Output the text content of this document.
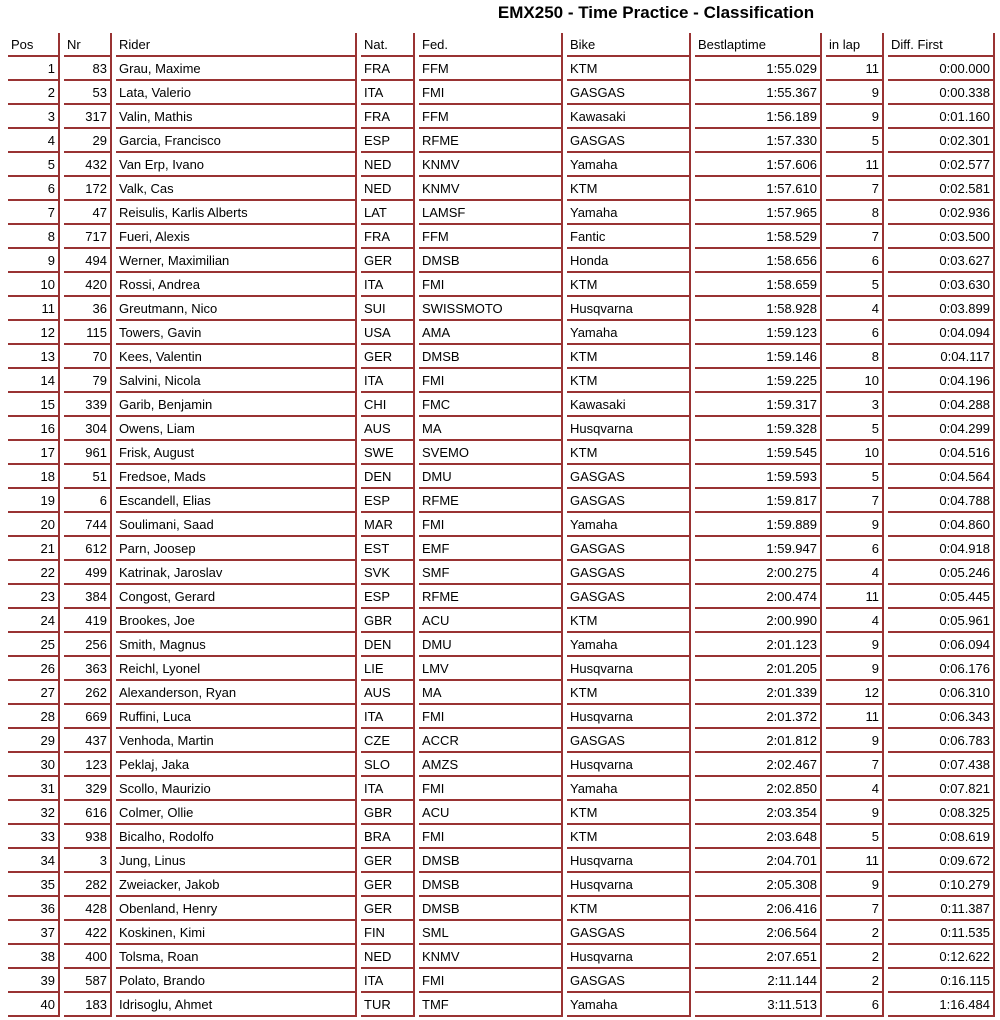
EMX250 - Time Practice - Classification
Pos	Nr	Rider	Nat.	Fed.	Bike	Bestlaptime	in lap	Diff. First
1	83	Grau, Maxime	FRA	FFM	KTM	1:55.029	11	0:00.000
2	53	Lata, Valerio	ITA	FMI	GASGAS	1:55.367	9	0:00.338
3	317	Valin, Mathis	FRA	FFM	Kawasaki	1:56.189	9	0:01.160
4	29	Garcia, Francisco	ESP	RFME	GASGAS	1:57.330	5	0:02.301
5	432	Van Erp, Ivano	NED	KNMV	Yamaha	1:57.606	11	0:02.577
6	172	Valk, Cas	NED	KNMV	KTM	1:57.610	7	0:02.581
7	47	Reisulis, Karlis Alberts	LAT	LAMSF	Yamaha	1:57.965	8	0:02.936
8	717	Fueri, Alexis	FRA	FFM	Fantic	1:58.529	7	0:03.500
9	494	Werner, Maximilian	GER	DMSB	Honda	1:58.656	6	0:03.627
10	420	Rossi, Andrea	ITA	FMI	KTM	1:58.659	5	0:03.630
11	36	Greutmann, Nico	SUI	SWISSMOTO	Husqvarna	1:58.928	4	0:03.899
12	115	Towers, Gavin	USA	AMA	Yamaha	1:59.123	6	0:04.094
13	70	Kees, Valentin	GER	DMSB	KTM	1:59.146	8	0:04.117
14	79	Salvini, Nicola	ITA	FMI	KTM	1:59.225	10	0:04.196
15	339	Garib, Benjamin	CHI	FMC	Kawasaki	1:59.317	3	0:04.288
16	304	Owens, Liam	AUS	MA	Husqvarna	1:59.328	5	0:04.299
17	961	Frisk, August	SWE	SVEMO	KTM	1:59.545	10	0:04.516
18	51	Fredsoe, Mads	DEN	DMU	GASGAS	1:59.593	5	0:04.564
19	6	Escandell, Elias	ESP	RFME	GASGAS	1:59.817	7	0:04.788
20	744	Soulimani, Saad	MAR	FMI	Yamaha	1:59.889	9	0:04.860
21	612	Parn, Joosep	EST	EMF	GASGAS	1:59.947	6	0:04.918
22	499	Katrinak, Jaroslav	SVK	SMF	GASGAS	2:00.275	4	0:05.246
23	384	Congost, Gerard	ESP	RFME	GASGAS	2:00.474	11	0:05.445
24	419	Brookes, Joe	GBR	ACU	KTM	2:00.990	4	0:05.961
25	256	Smith, Magnus	DEN	DMU	Yamaha	2:01.123	9	0:06.094
26	363	Reichl, Lyonel	LIE	LMV	Husqvarna	2:01.205	9	0:06.176
27	262	Alexanderson, Ryan	AUS	MA	KTM	2:01.339	12	0:06.310
28	669	Ruffini, Luca	ITA	FMI	Husqvarna	2:01.372	11	0:06.343
29	437	Venhoda, Martin	CZE	ACCR	GASGAS	2:01.812	9	0:06.783
30	123	Peklaj, Jaka	SLO	AMZS	Husqvarna	2:02.467	7	0:07.438
31	329	Scollo, Maurizio	ITA	FMI	Yamaha	2:02.850	4	0:07.821
32	616	Colmer, Ollie	GBR	ACU	KTM	2:03.354	9	0:08.325
33	938	Bicalho, Rodolfo	BRA	FMI	KTM	2:03.648	5	0:08.619
34	3	Jung, Linus	GER	DMSB	Husqvarna	2:04.701	11	0:09.672
35	282	Zweiacker, Jakob	GER	DMSB	Husqvarna	2:05.308	9	0:10.279
36	428	Obenland, Henry	GER	DMSB	KTM	2:06.416	7	0:11.387
37	422	Koskinen, Kimi	FIN	SML	GASGAS	2:06.564	2	0:11.535
38	400	Tolsma, Roan	NED	KNMV	Husqvarna	2:07.651	2	0:12.622
39	587	Polato, Brando	ITA	FMI	GASGAS	2:11.144	2	0:16.115
40	183	Idrisoglu, Ahmet	TUR	TMF	Yamaha	3:11.513	6	1:16.484
